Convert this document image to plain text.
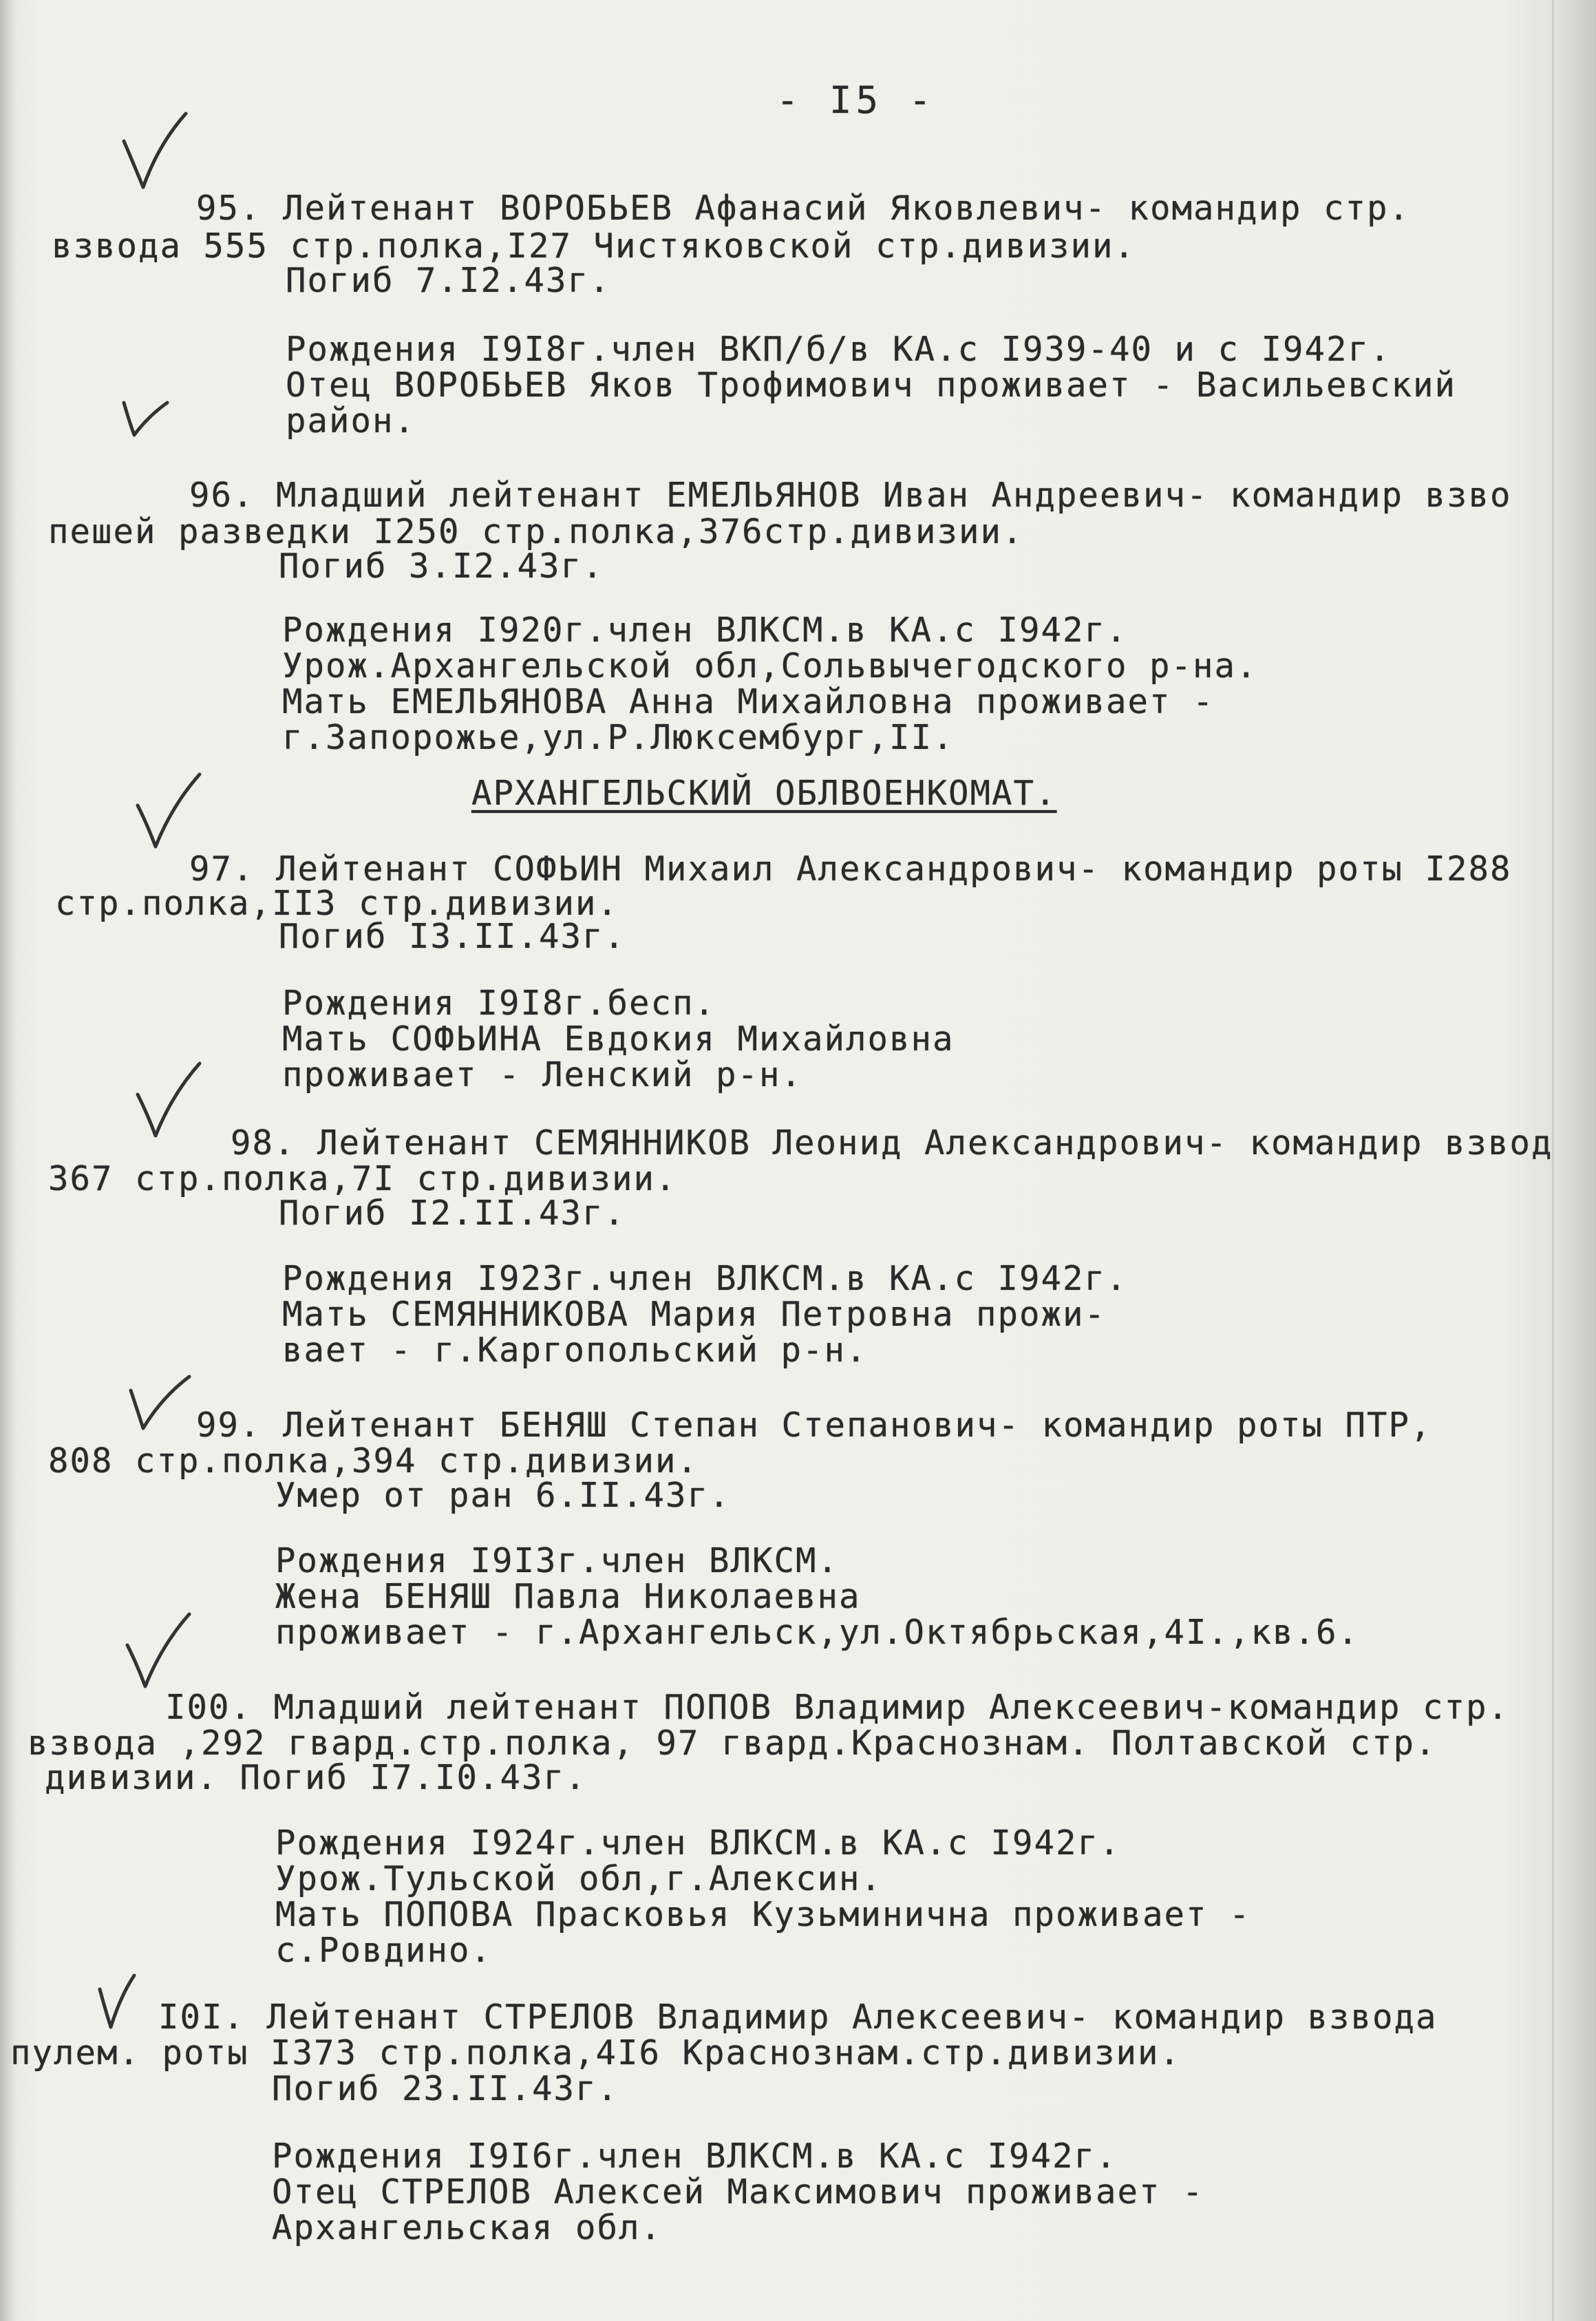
- I5 -
95. Лейтенант ВОРОБЬЕВ Афанасий Яковлевич- командир стр.
взвода 555 стр.полка,I27 Чистяковской стр.дивизии.
Погиб 7.I2.43г.
Рождения I9I8г.член ВКП/б/в КА.с I939-40 и с I942г.
Отец ВОРОБЬЕВ Яков Трофимович проживает - Васильевский
район.
96. Младший лейтенант ЕМЕЛЬЯНОВ Иван Андреевич- командир взво
пешей разведки I250 стр.полка,376стр.дивизии.
Погиб 3.I2.43г.
Рождения I920г.член ВЛКСМ.в КА.с I942г.
Урож.Архангельской обл,Сольвычегодского р-на.
Мать ЕМЕЛЬЯНОВА Анна Михайловна проживает -
г.Запорожье,ул.Р.Люксембург,II.
АРХАНГЕЛЬСКИЙ ОБЛВОЕНКОМАТ.
97. Лейтенант СОФЬИН Михаил Александрович- командир роты I288
стр.полка,II3 стр.дивизии.
Погиб I3.II.43г.
Рождения I9I8г.бесп.
Мать СОФЬИНА Евдокия Михайловна
проживает - Ленский р-н.
98. Лейтенант СЕМЯННИКОВ Леонид Александрович- командир взвод
367 стр.полка,7I стр.дивизии.
Погиб I2.II.43г.
Рождения I923г.член ВЛКСМ.в КА.с I942г.
Мать СЕМЯННИКОВА Мария Петровна прожи-
вает - г.Каргопольский р-н.
99. Лейтенант БЕНЯШ Степан Степанович- командир роты ПТР,
808 стр.полка,394 стр.дивизии.
Умер от ран 6.II.43г.
Рождения I9I3г.член ВЛКСМ.
Жена БЕНЯШ Павла Николаевна
проживает - г.Архангельск,ул.Октябрьская,4I.,кв.6.
I00. Младший лейтенант ПОПОВ Владимир Алексеевич-командир стр.
взвода ,292 гвард.стр.полка, 97 гвард.Краснознам. Полтавской стр.
дивизии. Погиб I7.I0.43г.
Рождения I924г.член ВЛКСМ.в КА.с I942г.
Урож.Тульской обл,г.Алексин.
Мать ПОПОВА Прасковья Кузьминична проживает -
с.Ровдино.
I0I. Лейтенант СТРЕЛОВ Владимир Алексеевич- командир взвода
пулем. роты I373 стр.полка,4I6 Краснознам.стр.дивизии.
Погиб 23.II.43г.
Рождения I9I6г.член ВЛКСМ.в КА.с I942г.
Отец СТРЕЛОВ Алексей Максимович проживает -
Архангельская обл.
